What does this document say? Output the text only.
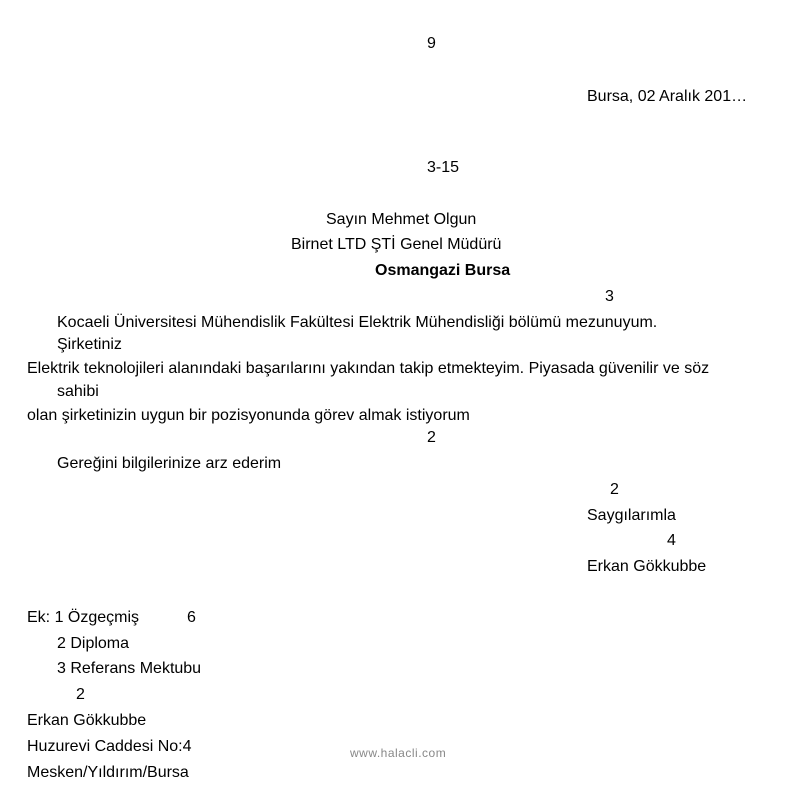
9
Bursa, 02 Aralık 201…
3-15
Sayın Mehmet Olgun
Birnet LTD ŞTİ Genel Müdürü
Osmangazi Bursa
3
Kocaeli Üniversitesi Mühendislik Fakültesi Elektrik Mühendisliği bölümü mezunuyum.
Şirketiniz
Elektrik teknolojileri alanındaki başarılarını yakından takip etmekteyim. Piyasada güvenilir ve söz
sahibi
olan şirketinizin uygun bir pozisyonunda görev almak istiyorum
2
Gereğini bilgilerinize arz ederim
2
Saygılarımla
4
Erkan Gökkubbe
Ek: 1 Özgeçmiş	6
2 Diploma
3 Referans Mektubu
2
Erkan Gökkubbe
Huzurevi Caddesi No:4
Mesken/Yıldırım/Bursa
www.halacli.com
